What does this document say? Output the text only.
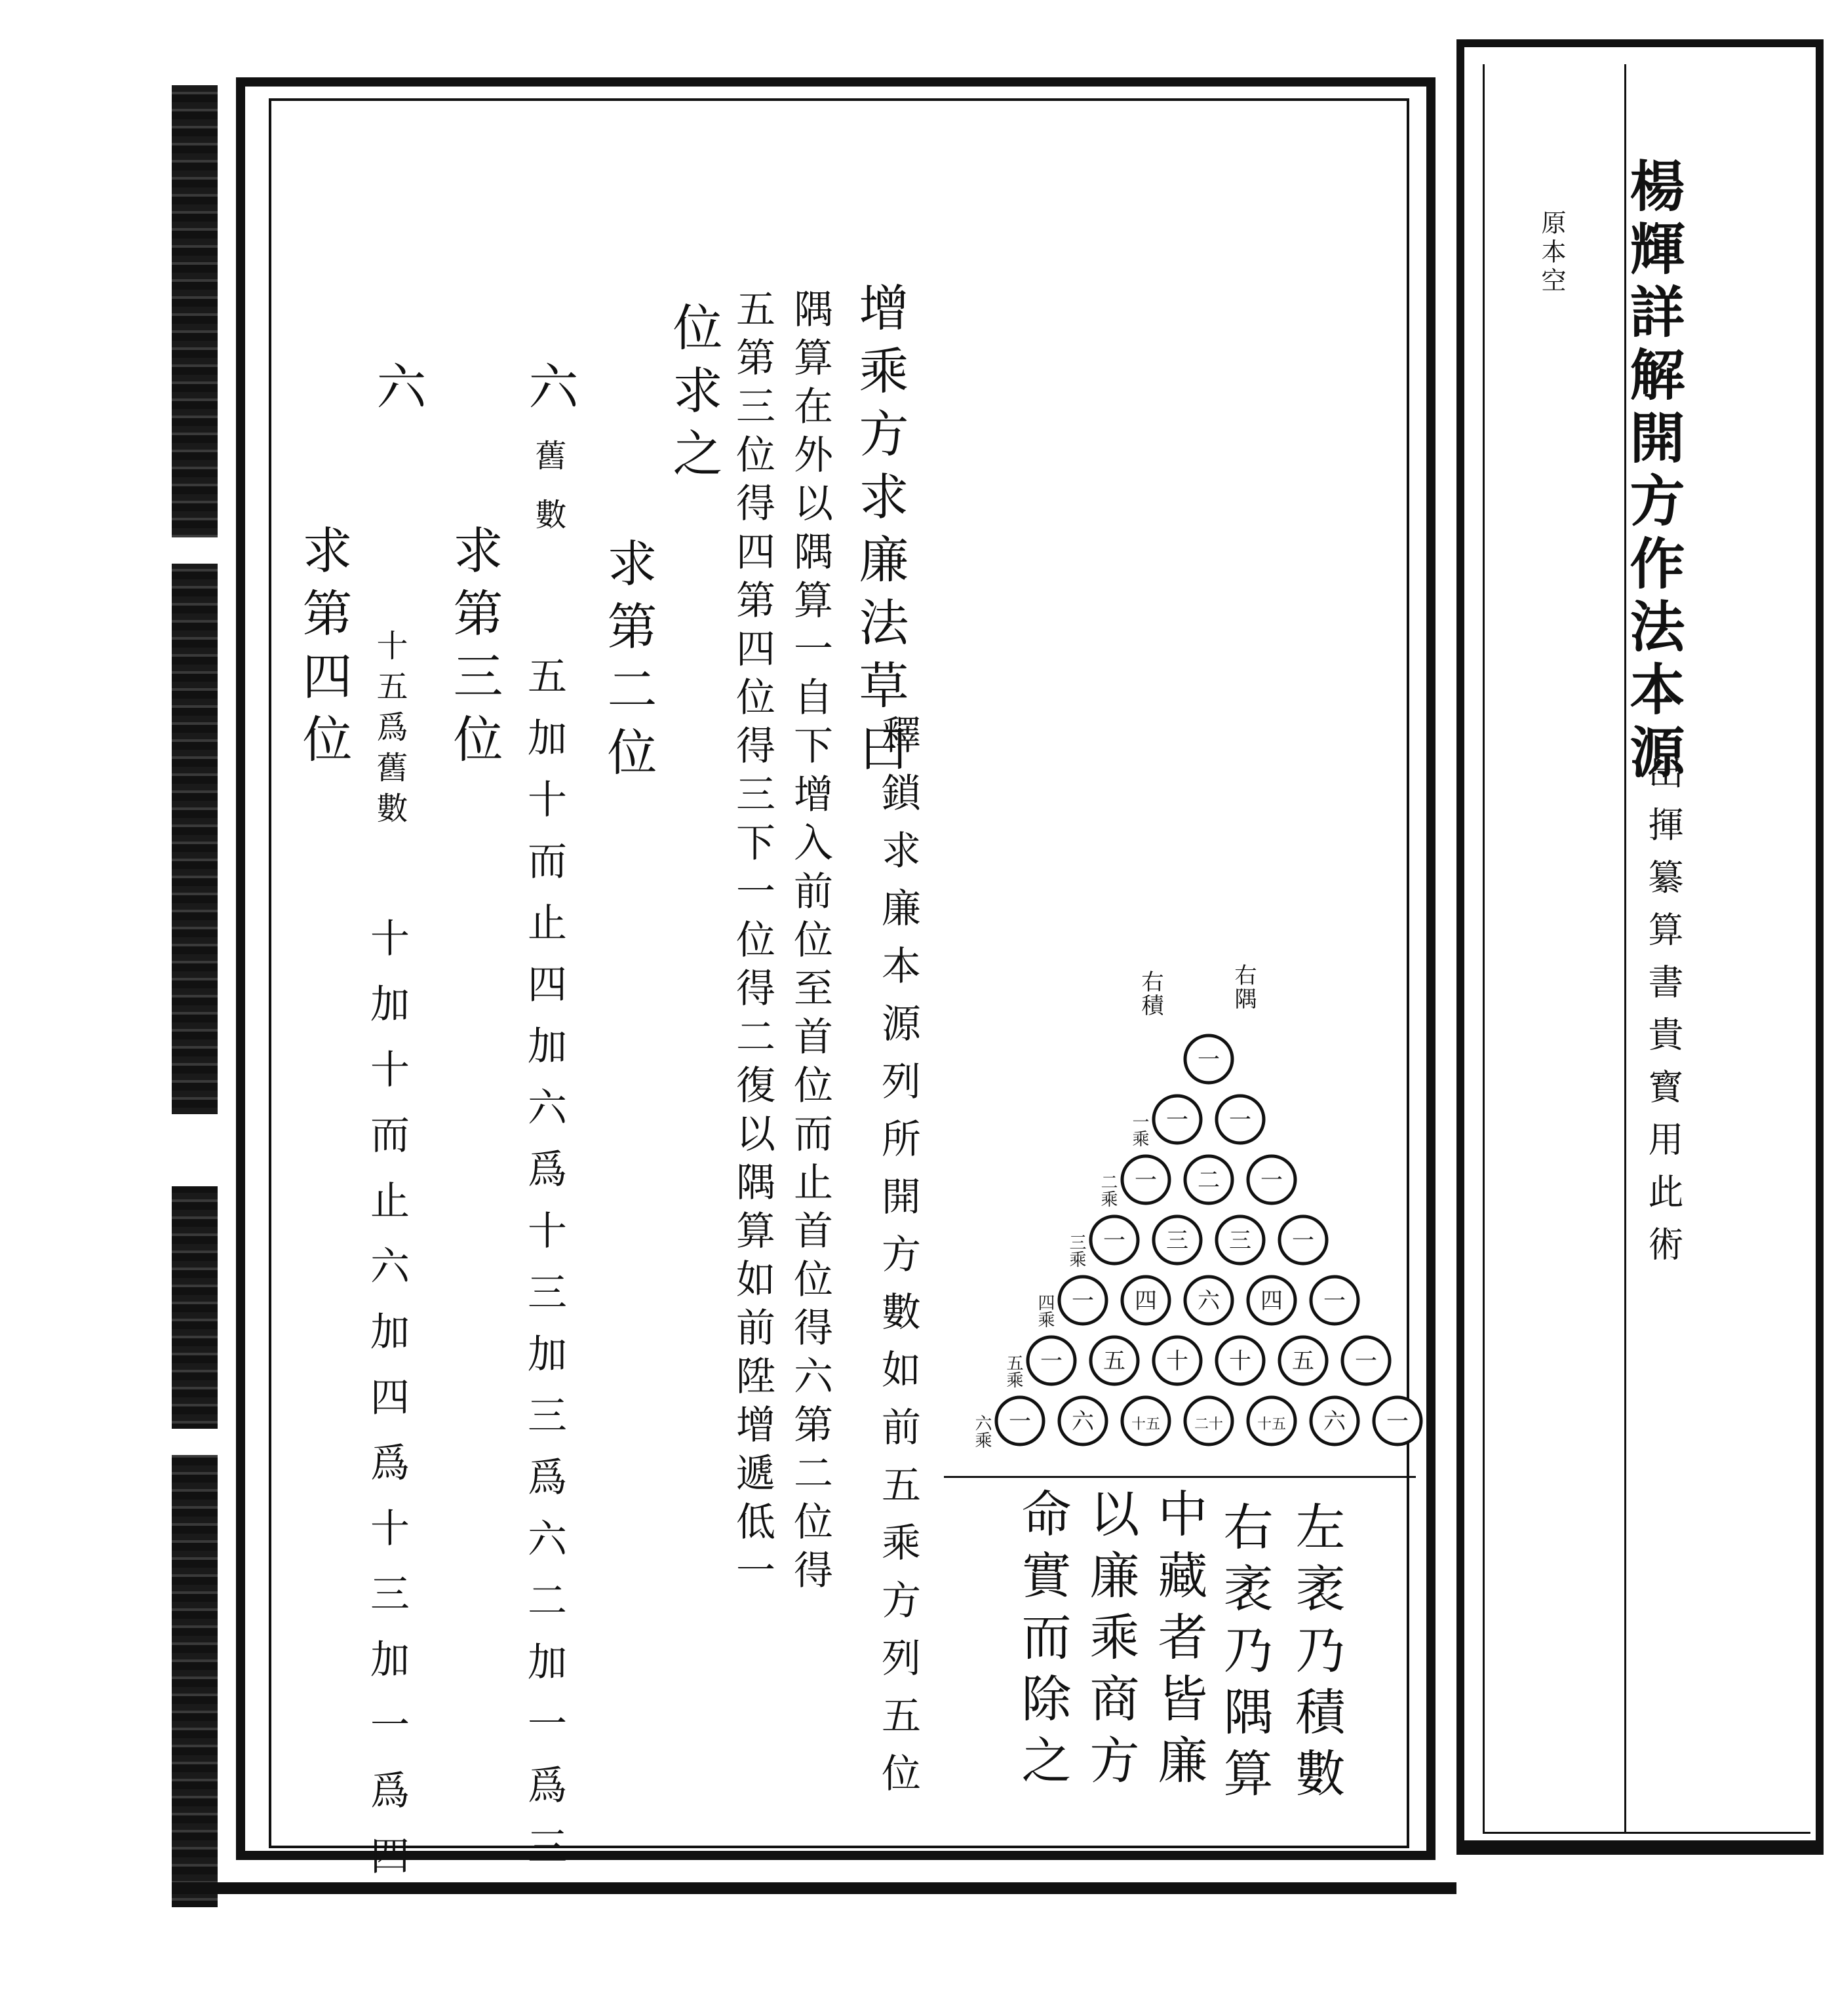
楊輝詳解開方作法本源
出揮纂算書貴寳用此術
原本空
增乘方求廉法草曰
釋鎖求廉本源列所開方數如前五乘方列五位
隅算在外以隅算一自下增入前位至首位而止首位得六第二位得
五第三位得四第四位得三下一位得二復以隅算如前陞增遞低一
位求之
六
舊數
求第二位
五加十而止四加六爲十三加三爲六二加一爲三
求第三位
十五爲舊數
十加十而止六加四爲十三加一爲四
六
求第四位
一
一 一
一乘
一 二 一
二乘
一 三 三 一
三乘
一 四 六 四 一
四乘
一 五 十 十 五 一
五乘
一 六	十五 二十 十五 六 一
六乘
右積	右隅
左袤乃積數
右袤乃隅算
中藏者皆廉
以廉乘商方
命實而除之
